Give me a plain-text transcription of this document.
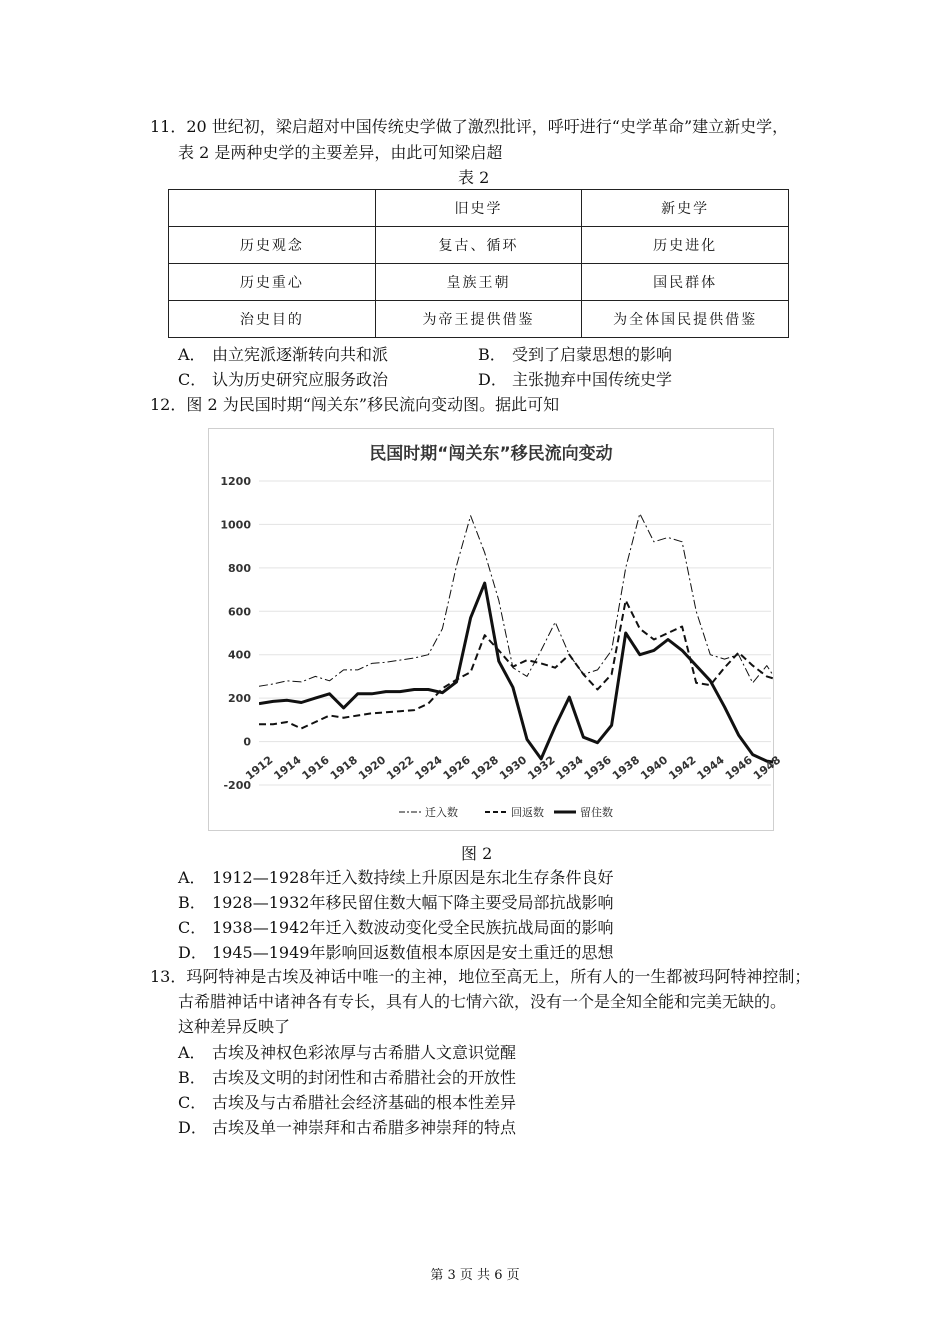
11．20 世纪初，梁启超对中国传统史学做了激烈批评，呼吁进行“史学革命”建立新史学，
表 2 是两种史学的主要差异，由此可知梁启超
表 2
	旧史学	新史学
历史观念	复古、循环	历史进化
历史重心	皇族王朝	国民群体
治史目的	为帝王提供借鉴	为全体国民提供借鉴
A． 由立宪派逐渐转向共和派	B． 受到了启蒙思想的影响
C． 认为历史研究应服务政治	D． 主张抛弃中国传统史学
12．图 2 为民国时期“闯关东”移民流向变动图。据此可知
民国时期“闯关东”移民流向变动
1200
1000
800
600
400
200
0
-200
1912
1914
1916
1918
1920
1922
1924
1926
1928
1930
1932
1934
1936
1938
1940
1942
1944
1946
1948
迁入数	回返数	留住数
图 2
A． 1912—1928年迁入数持续上升原因是东北生存条件良好
B． 1928—1932年移民留住数大幅下降主要受局部抗战影响
C． 1938—1942年迁入数波动变化受全民族抗战局面的影响
D． 1945—1949年影响回返数值根本原因是安土重迁的思想
13．玛阿特神是古埃及神话中唯一的主神，地位至高无上，所有人的一生都被玛阿特神控制；
古希腊神话中诸神各有专长，具有人的七情六欲，没有一个是全知全能和完美无缺的。
这种差异反映了
A． 古埃及神权色彩浓厚与古希腊人文意识觉醒
B． 古埃及文明的封闭性和古希腊社会的开放性
C． 古埃及与古希腊社会经济基础的根本性差异
D． 古埃及单一神崇拜和古希腊多神崇拜的特点
第 3 页 共 6 页
